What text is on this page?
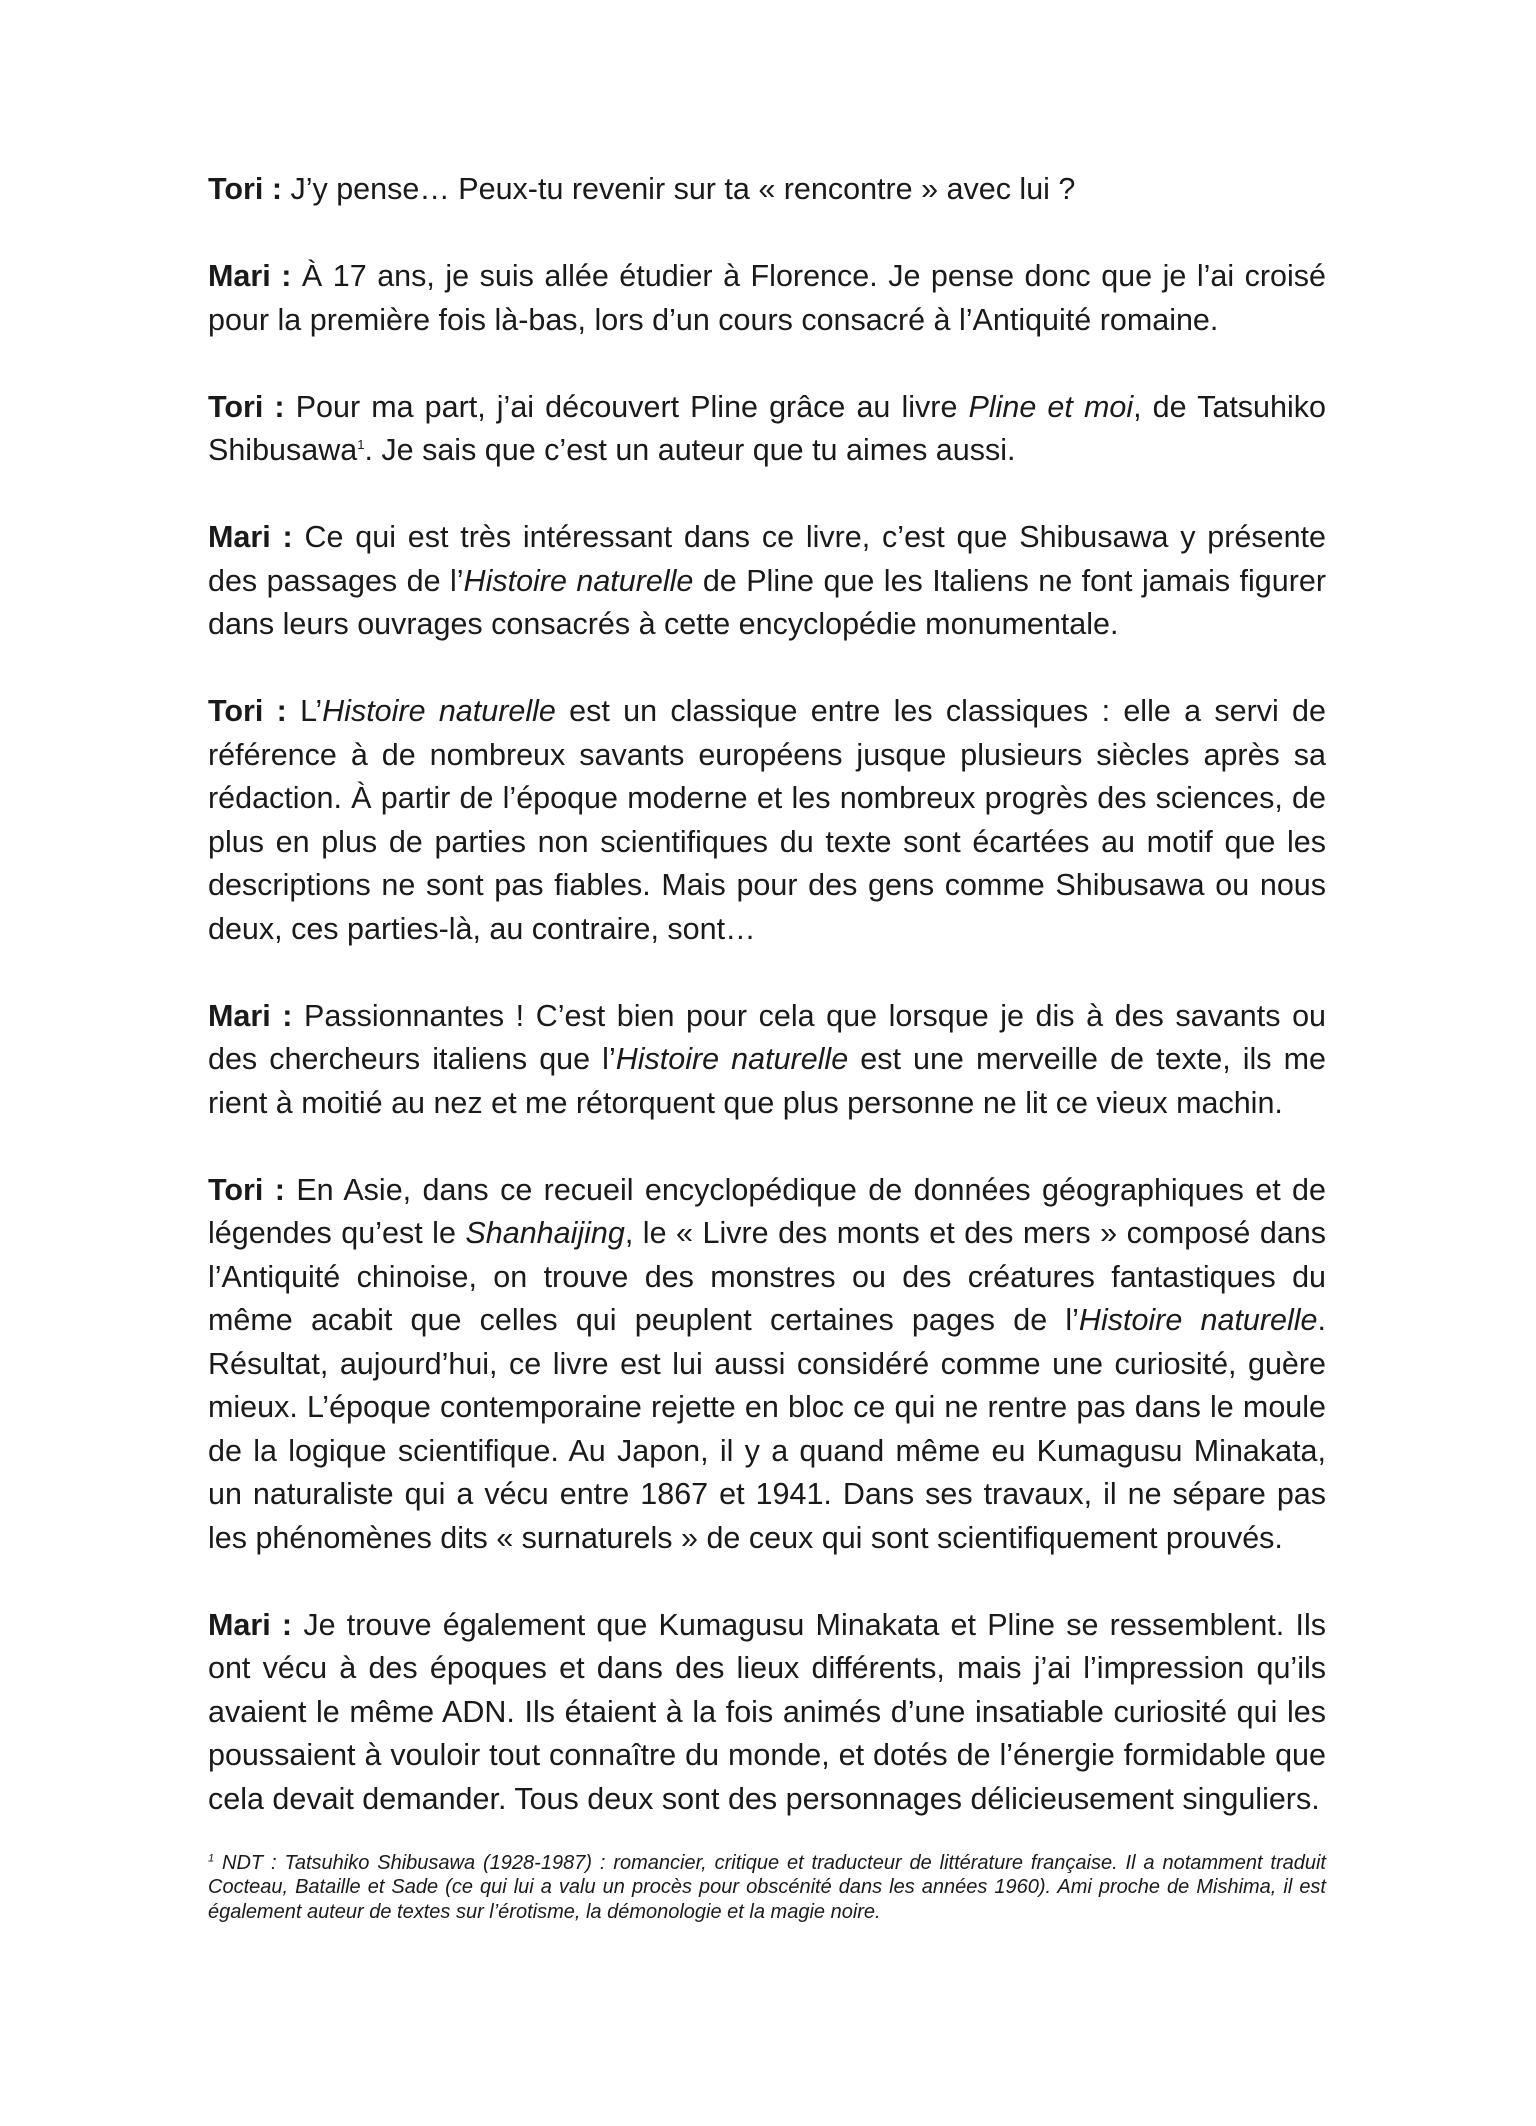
Tori : J’y pense… Peux-tu revenir sur ta « rencontre » avec lui ?

Mari : À 17 ans, je suis allée étudier à Florence. Je pense donc que je l’ai croisé pour la première fois là-bas, lors d’un cours consacré à l’Antiquité romaine.

Tori : Pour ma part, j’ai découvert Pline grâce au livre Pline et moi, de Tatsuhiko Shibusawa$^1$. Je sais que c’est un auteur que tu aimes aussi.

Mari : Ce qui est très intéressant dans ce livre, c’est que Shibusawa y présente des passages de l’Histoire naturelle de Pline que les Italiens ne font jamais figurer dans leurs ouvrages consacrés à cette encyclopédie monumentale.

Tori : L’Histoire naturelle est un classique entre les classiques : elle a servi de référence à de nombreux savants européens jusque plusieurs siècles après sa rédaction. À partir de l’époque moderne et les nombreux progrès des sciences, de plus en plus de parties non scientifiques du texte sont écartées au motif que les descriptions ne sont pas fiables. Mais pour des gens comme Shibusawa ou nous deux, ces parties-là, au contraire, sont…

Mari : Passionnantes ! C’est bien pour cela que lorsque je dis à des savants ou des chercheurs italiens que l’Histoire naturelle est une merveille de texte, ils me rient à moitié au nez et me rétorquent que plus personne ne lit ce vieux machin.

Tori : En Asie, dans ce recueil encyclopédique de données géographiques et de légendes qu’est le Shanhaijing, le « Livre des monts et des mers » composé dans l’Antiquité chinoise, on trouve des monstres ou des créatures fantastiques du même acabit que celles qui peuplent certaines pages de l’Histoire naturelle. Résultat, aujourd’hui, ce livre est lui aussi considéré comme une curiosité, guère mieux. L’époque contemporaine rejette en bloc ce qui ne rentre pas dans le moule de la logique scientifique. Au Japon, il y a quand même eu Kumagusu Minakata, un naturaliste qui a vécu entre 1867 et 1941. Dans ses travaux, il ne sépare pas les phénomènes dits « surnaturels » de ceux qui sont scientifiquement prouvés.

Mari : Je trouve également que Kumagusu Minakata et Pline se ressemblent. Ils ont vécu à des époques et dans des lieux différents, mais j’ai l’impression qu’ils avaient le même ADN. Ils étaient à la fois animés d’une insatiable curiosité qui les poussaient à vouloir tout connaître du monde, et dotés de l’énergie formidable que cela devait demander. Tous deux sont des personnages délicieusement singuliers.

$^1$ NDT : Tatsuhiko Shibusawa (1928-1987) : romancier, critique et traducteur de littérature française. Il a notamment traduit Cocteau, Bataille et Sade (ce qui lui a valu un procès pour obscénité dans les années 1960). Ami proche de Mishima, il est également auteur de textes sur l’érotisme, la démonologie et la magie noire.
